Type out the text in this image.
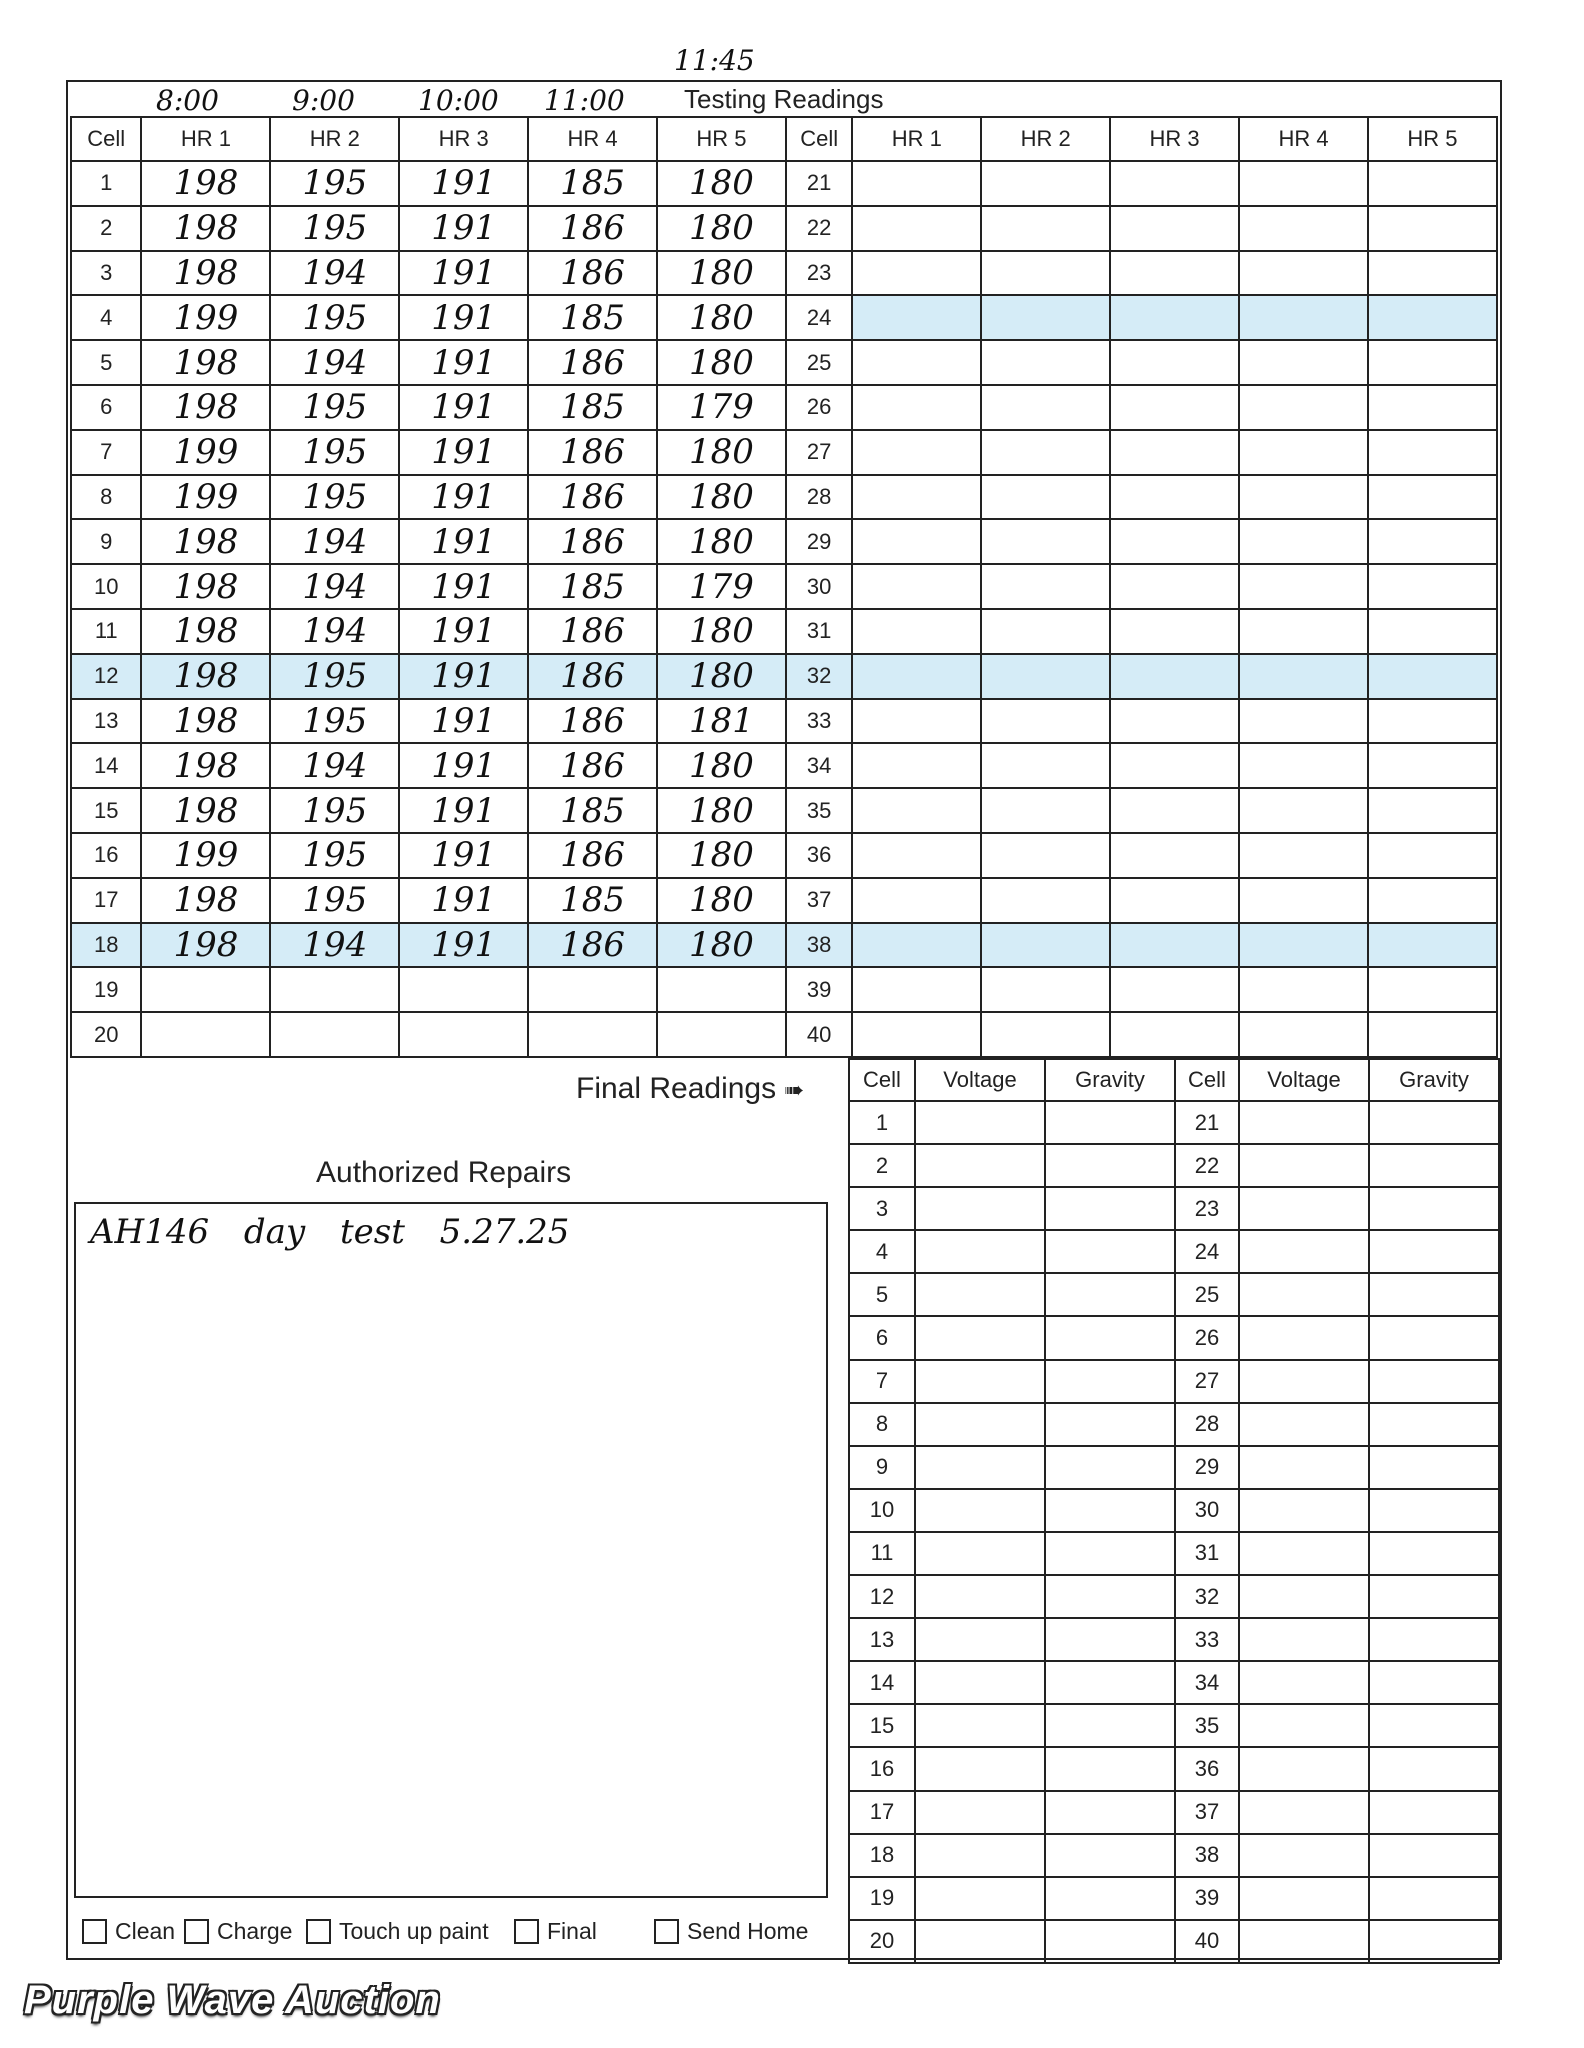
8:00	9:00 10:00 11:00 Testing Readings
11:45
Cell	HR 1	HR 2	HR 3	HR 4	HR 5	Cell	HR 1	HR 2	HR 3	HR 4	HR 5
1	198	195	191	185	180	21					
2	198	195	191	186	180	22					
3	198	194	191	186	180	23					
4	199	195	191	185	180	24					
5	198	194	191	186	180	25					
6	198	195	191	185	179	26					
7	199	195	191	186	180	27					
8	199	195	191	186	180	28					
9	198	194	191	186	180	29					
10	198	194	191	185	179	30					
11	198	194	191	186	180	31					
12	198	195	191	186	180	32					
13	198	195	191	186	181	33					
14	198	194	191	186	180	34					
15	198	195	191	185	180	35					
16	199	195	191	186	180	36					
17	198	195	191	185	180	37					
18	198	194	191	186	180	38					
19						39					
20						40					
Final Readings ➠	Cell	Voltage	Gravity	Cell	Voltage	Gravity
1			21		
2			22		
3			23		
4			24		
5			25		
6			26		
7			27		
8			28		
9			29		
10			30		
11			31		
12			32		
13			33		
14			34		
15			35		
16			36		
17			37		
18			38		
19			39		
20			40		
Authorized Repairs
AH146 day test 5.27.25
Clean Charge Touch up paint	Final	Send Home
Purple Wave Auction
